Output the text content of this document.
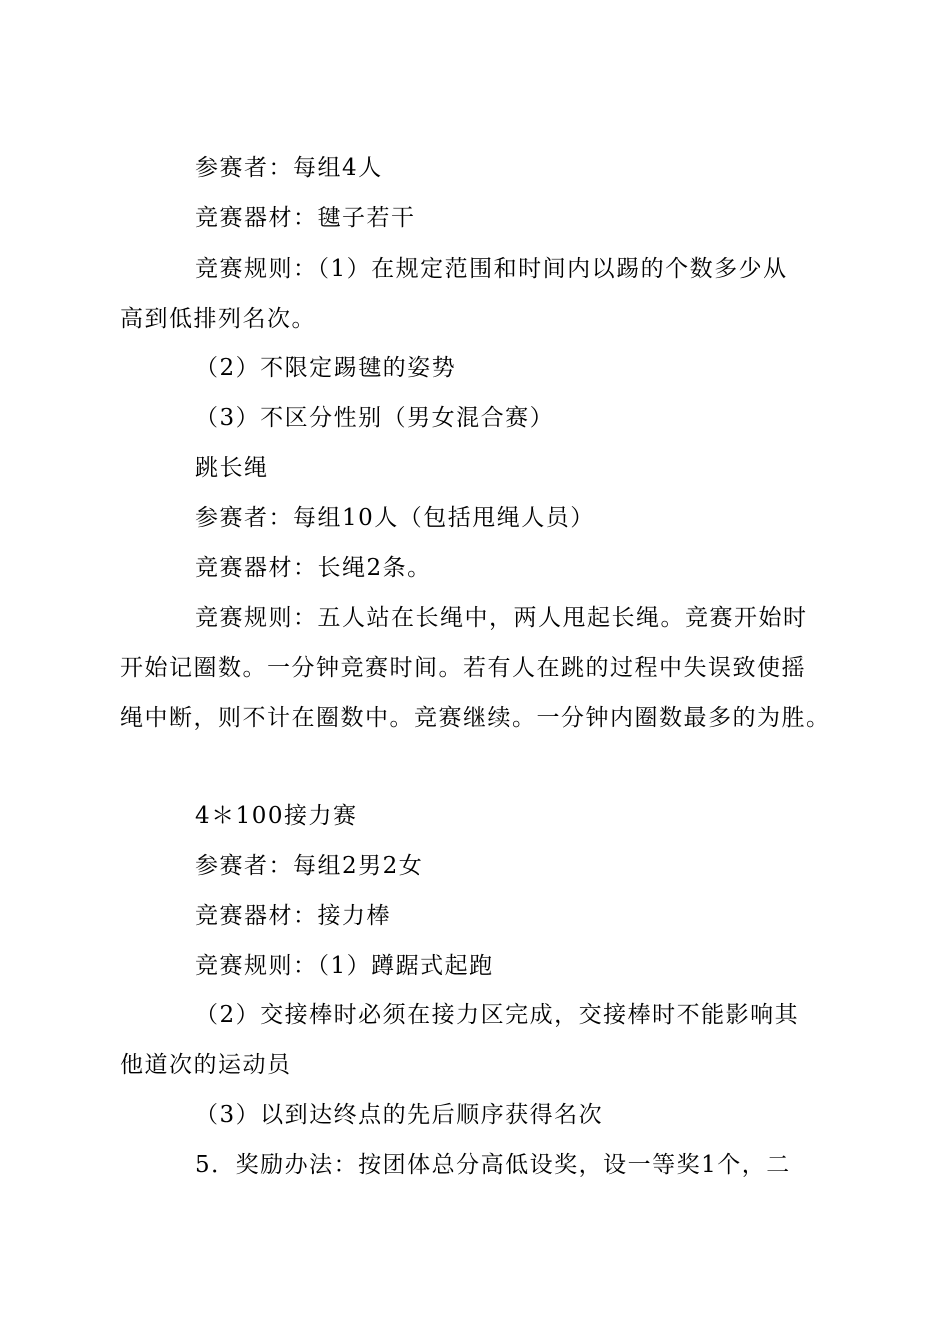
参赛者：每组4人

竞赛器材：毽子若干

竞赛规则：（1）在规定范围和时间内以踢的个数多少从

高到低排列名次。

（2）不限定踢毽的姿势

（3）不区分性别（男女混合赛）

跳长绳

参赛者：每组10人（包括甩绳人员）

竞赛器材：长绳2条。

竞赛规则：五人站在长绳中，两人甩起长绳。竞赛开始时

开始记圈数。一分钟竞赛时间。若有人在跳的过程中失误致使摇

绳中断，则不计在圈数中。竞赛继续。一分钟内圈数最多的为胜。

4＊100接力赛

参赛者：每组2男2女

竞赛器材：接力棒

竞赛规则：（1）蹲踞式起跑

（2）交接棒时必须在接力区完成，交接棒时不能影响其

他道次的运动员

（3）以到达终点的先后顺序获得名次

5．奖励办法：按团体总分高低设奖，设一等奖1个，二
